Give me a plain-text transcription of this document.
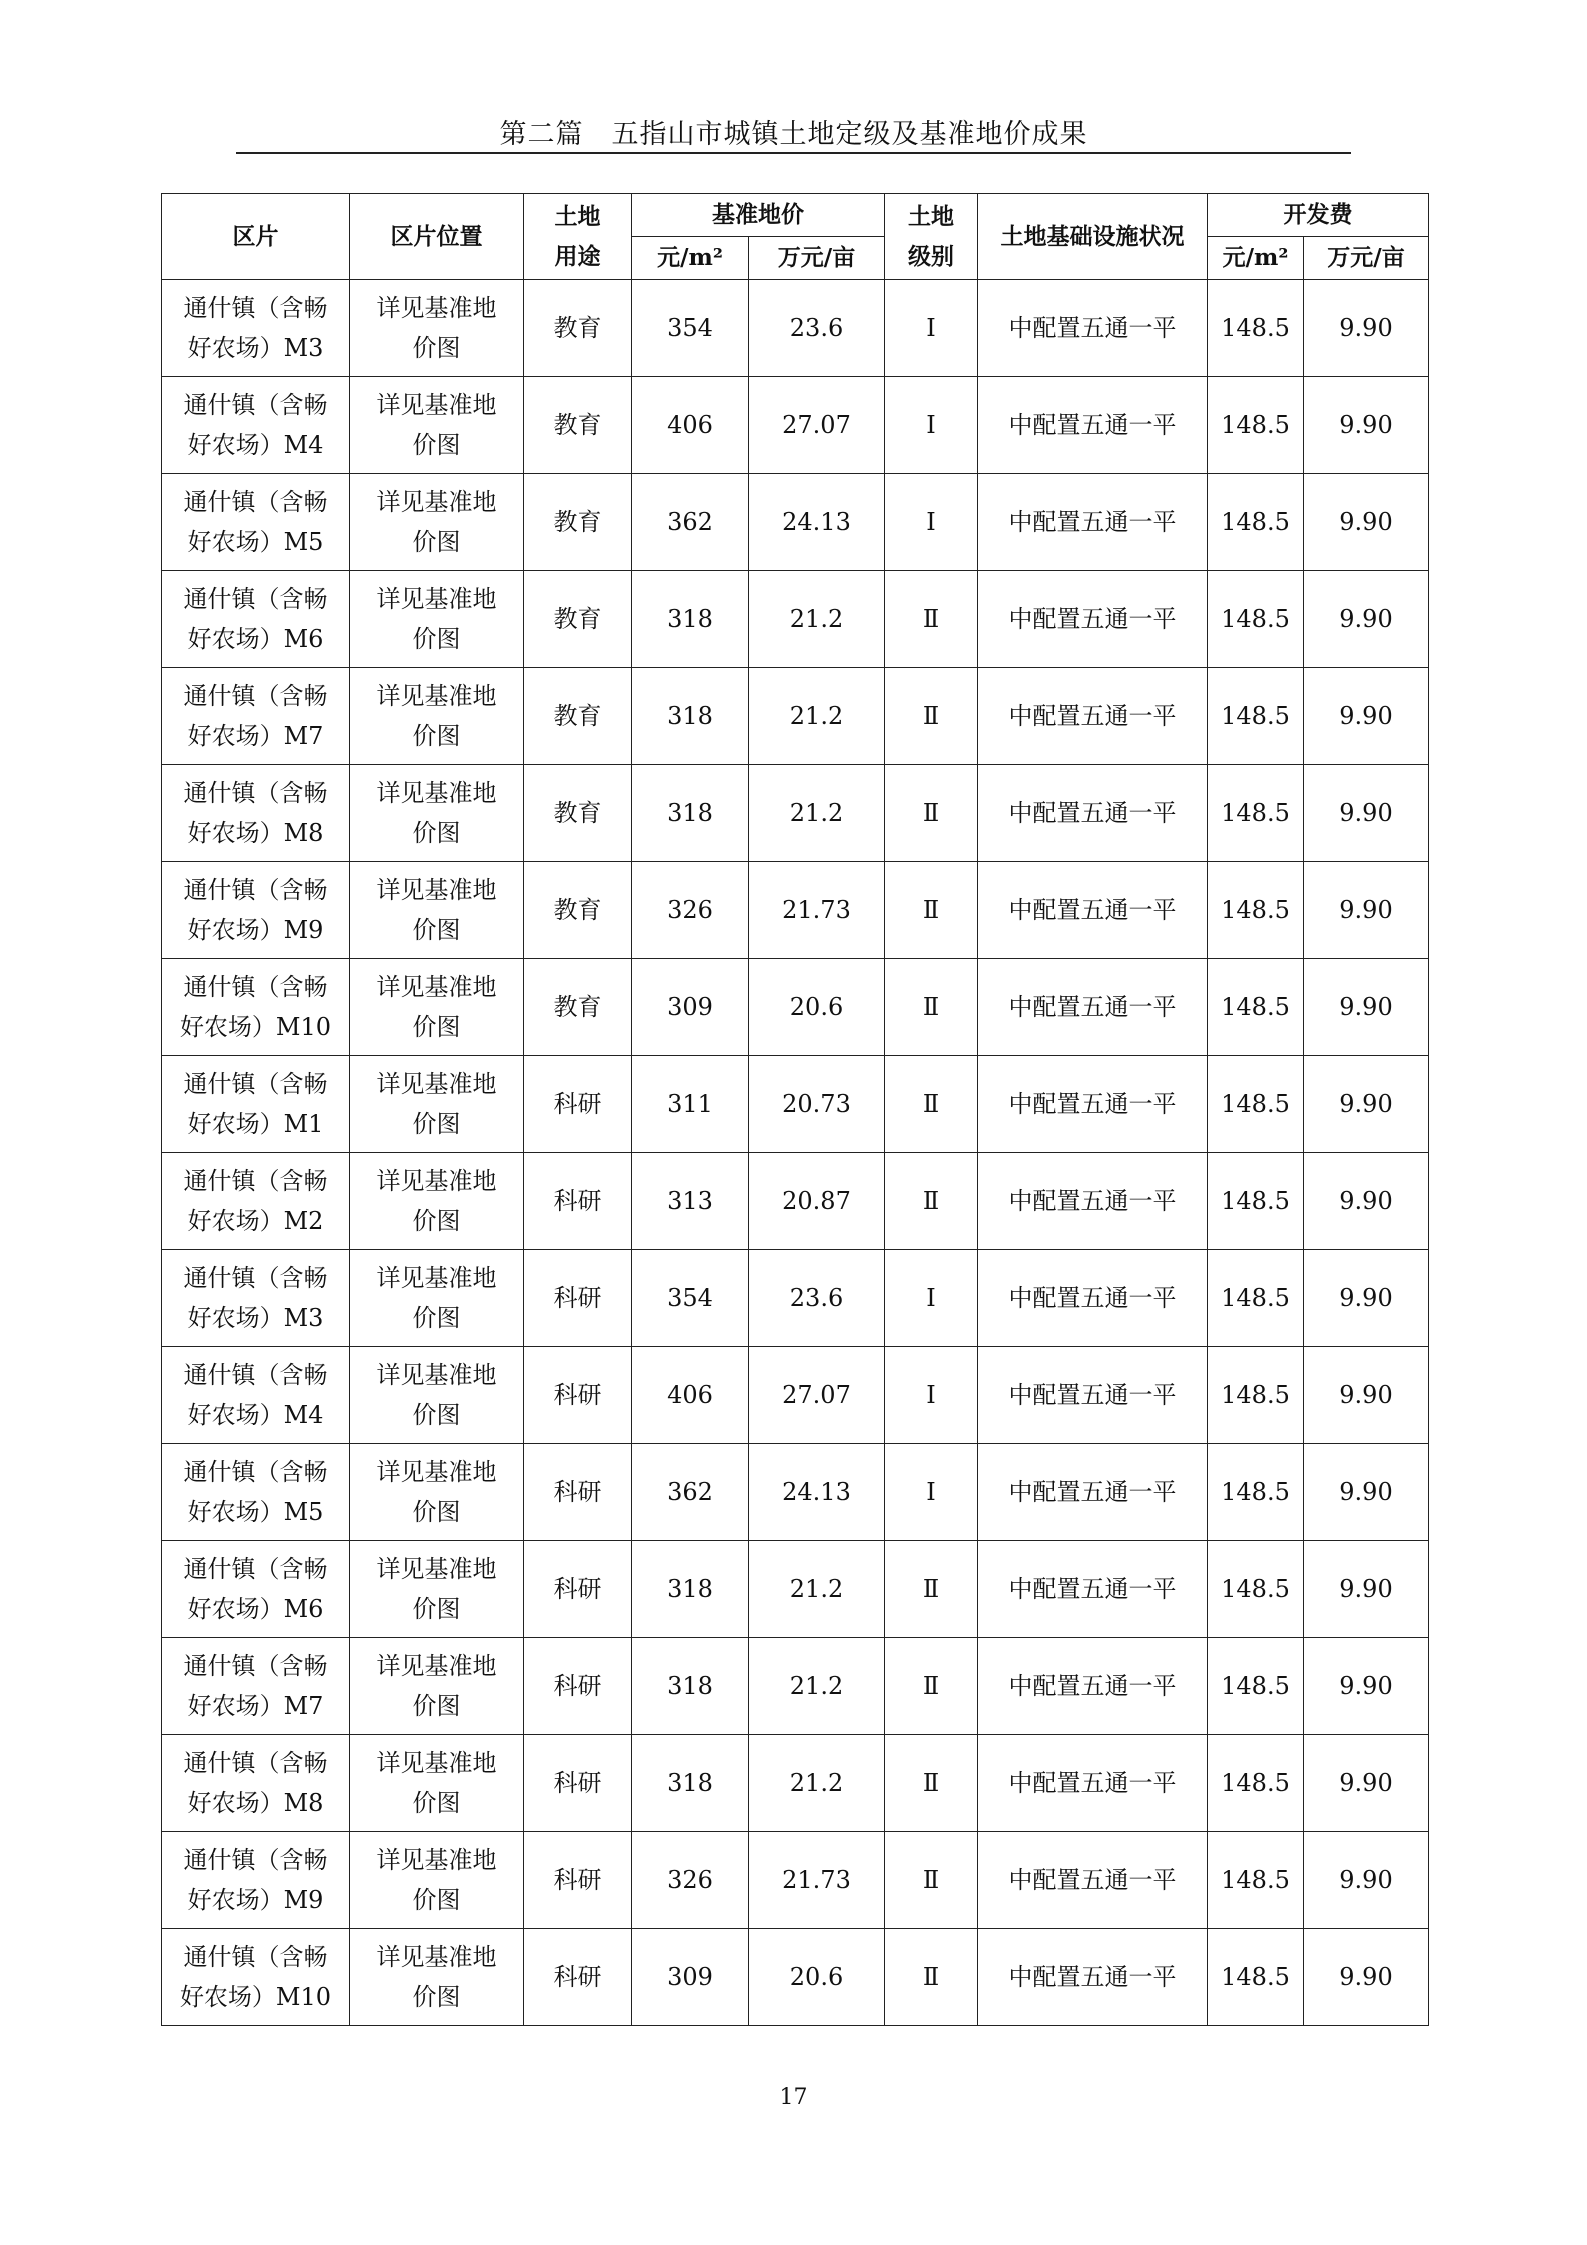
第二篇　五指山市城镇土地定级及基准地价成果
区片	区片位置	土地用途	基准地价		土地级别	土地基础设施状况	开发费	
			元/m²	万元/亩			元/m²	万元/亩

通什镇（含畅
好农场）M3	详见基准地
价图	教育	354	23.6	Ⅰ	中配置五通一平	148.5	9.90

通什镇（含畅
好农场）M4	详见基准地
价图	教育	406	27.07	Ⅰ	中配置五通一平	148.5	9.90

通什镇（含畅
好农场）M5	详见基准地
价图	教育	362	24.13	Ⅰ	中配置五通一平	148.5	9.90

通什镇（含畅
好农场）M6	详见基准地
价图	教育	318	21.2	Ⅱ	中配置五通一平	148.5	9.90

通什镇（含畅
好农场）M7	详见基准地
价图	教育	318	21.2	Ⅱ	中配置五通一平	148.5	9.90

通什镇（含畅
好农场）M8	详见基准地
价图	教育	318	21.2	Ⅱ	中配置五通一平	148.5	9.90

通什镇（含畅
好农场）M9	详见基准地
价图	教育	326	21.73	Ⅱ	中配置五通一平	148.5	9.90

通什镇（含畅
好农场）M10	详见基准地
价图	教育	309	20.6	Ⅱ	中配置五通一平	148.5	9.90

通什镇（含畅
好农场）M1	详见基准地
价图	科研	311	20.73	Ⅱ	中配置五通一平	148.5	9.90

通什镇（含畅
好农场）M2	详见基准地
价图	科研	313	20.87	Ⅱ	中配置五通一平	148.5	9.90

通什镇（含畅
好农场）M3	详见基准地
价图	科研	354	23.6	Ⅰ	中配置五通一平	148.5	9.90

通什镇（含畅
好农场）M4	详见基准地
价图	科研	406	27.07	Ⅰ	中配置五通一平	148.5	9.90

通什镇（含畅
好农场）M5	详见基准地
价图	科研	362	24.13	Ⅰ	中配置五通一平	148.5	9.90

通什镇（含畅
好农场）M6	详见基准地
价图	科研	318	21.2	Ⅱ	中配置五通一平	148.5	9.90

通什镇（含畅
好农场）M7	详见基准地
价图	科研	318	21.2	Ⅱ	中配置五通一平	148.5	9.90

通什镇（含畅
好农场）M8	详见基准地
价图	科研	318	21.2	Ⅱ	中配置五通一平	148.5	9.90

通什镇（含畅
好农场）M9	详见基准地
价图	科研	326	21.73	Ⅱ	中配置五通一平	148.5	9.90

通什镇（含畅
好农场）M10	详见基准地
价图	科研	309	20.6	Ⅱ	中配置五通一平	148.5	9.90
17
